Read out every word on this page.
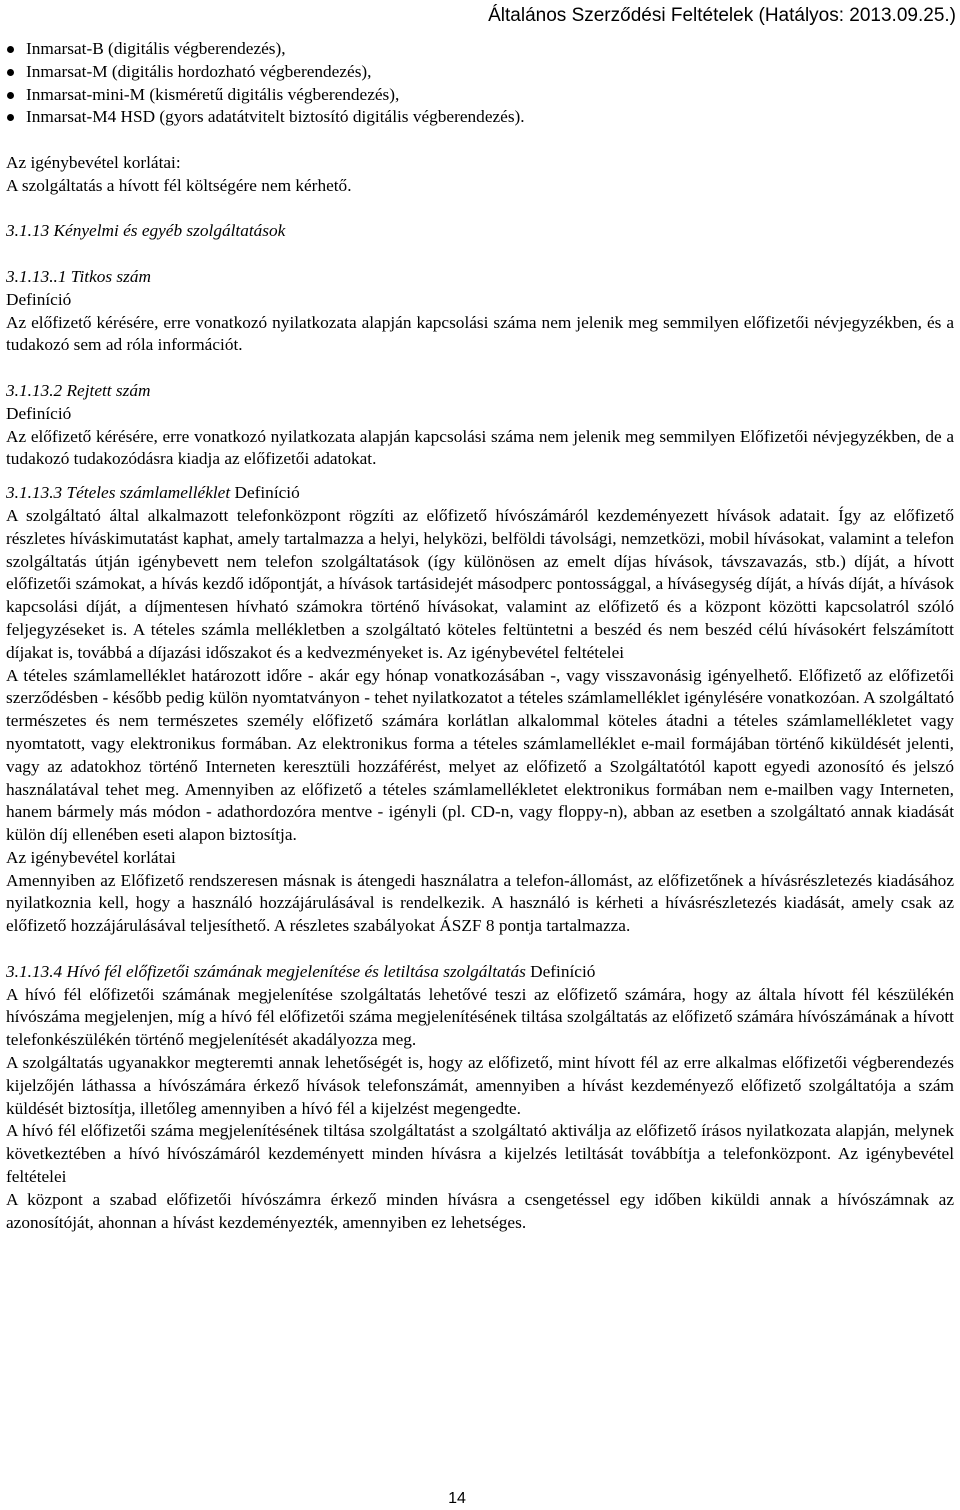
Általános Szerződési Feltételek (Hatályos: 2013.09.25.)
Inmarsat-B (digitális végberendezés),
Inmarsat-M (digitális hordozható végberendezés),
Inmarsat-mini-M (kisméretű digitális végberendezés),
Inmarsat-M4 HSD (gyors adatátvitelt biztosító digitális végberendezés).

Az igénybevétel korlátai:

A szolgáltatás a hívott fél költségére nem kérhető.

3.1.13 Kényelmi és egyéb szolgáltatások

3.1.13..1 Titkos szám

Definíció

Az előfizető kérésére, erre vonatkozó nyilatkozata alapján kapcsolási száma nem jelenik meg semmilyen előfizetői névjegyzékben, és a tudakozó sem ad róla információt.

3.1.13.2 Rejtett szám

Definíció

Az előfizető kérésére, erre vonatkozó nyilatkozata alapján kapcsolási száma nem jelenik meg semmilyen Előfizetői névjegyzékben, de a tudakozó tudakozódásra kiadja az előfizetői adatokat.

3.1.13.3 Tételes számlamelléklet Definíció

A szolgáltató által alkalmazott telefonközpont rögzíti az előfizető hívószámáról kezdeményezett hívások adatait. Így az előfizető részletes híváskimutatást kaphat, amely tartalmazza a helyi, helyközi, belföldi távolsági, nemzetközi, mobil hívásokat, valamint a telefon szolgáltatás útján igénybevett nem telefon szolgáltatások (így különösen az emelt díjas hívások, távszavazás, stb.) díját, a hívott előfizetői számokat, a hívás kezdő időpontját, a hívások tartásidejét másodperc pontossággal, a hívásegység díját, a hívás díját, a hívások kapcsolási díját, a díjmentesen hívható számokra történő hívásokat, valamint az előfizető és a központ közötti kapcsolatról szóló feljegyzéseket is. A tételes számla mellékletben a szolgáltató köteles feltüntetni a beszéd és nem beszéd célú hívásokért felszámított díjakat is, továbbá a díjazási időszakot és a kedvezményeket is. Az igénybevétel feltételei

A tételes számlamelléklet határozott időre - akár egy hónap vonatkozásában -, vagy visszavonásig igényelhető. Előfizető az előfizetői szerződésben - később pedig külön nyomtatványon - tehet nyilatkozatot a tételes számlamelléklet igénylésére vonatkozóan. A szolgáltató természetes és nem természetes személy előfizető számára korlátlan alkalommal köteles átadni a tételes számlamellékletet vagy nyomtatott, vagy elektronikus formában. Az elektronikus forma a tételes számlamelléklet e-mail formájában történő kiküldését jelenti, vagy az adatokhoz történő Interneten keresztüli hozzáférést, melyet az előfizető a Szolgáltatótól kapott egyedi azonosító és jelszó használatával tehet meg. Amennyiben az előfizető a tételes számlamellékletet elektronikus formában nem e-mailben vagy Interneten, hanem bármely más módon - adathordozóra mentve - igényli (pl. CD-n, vagy floppy-n), abban az esetben a szolgáltató annak kiadását külön díj ellenében eseti alapon biztosítja.

Az igénybevétel korlátai

Amennyiben az Előfizető rendszeresen másnak is átengedi használatra a telefon-állomást, az előfizetőnek a hívásrészletezés kiadásához nyilatkoznia kell, hogy a használó hozzájárulásával is rendelkezik. A használó is kérheti a hívásrészletezés kiadását, amely csak az előfizető hozzájárulásával teljesíthető. A részletes szabályokat ÁSZF 8 pontja tartalmazza.

3.1.13.4 Hívó fél előfizetői számának megjelenítése és letiltása szolgáltatás Definíció

A hívó fél előfizetői számának megjelenítése szolgáltatás lehetővé teszi az előfizető számára, hogy az általa hívott fél készülékén hívószáma megjelenjen, míg a hívó fél előfizetői száma megjelenítésének tiltása szolgáltatás az előfizető számára hívószámának a hívott telefonkészülékén történő megjelenítését akadályozza meg.

A szolgáltatás ugyanakkor megteremti annak lehetőségét is, hogy az előfizető, mint hívott fél az erre alkalmas előfizetői végberendezés kijelzőjén láthassa a hívószámára érkező hívások telefonszámát, amennyiben a hívást kezdeményező előfizető szolgáltatója a szám küldését biztosítja, illetőleg amennyiben a hívó fél a kijelzést megengedte.

A hívó fél előfizetői száma megjelenítésének tiltása szolgáltatást a szolgáltató aktiválja az előfizető írásos nyilatkozata alapján, melynek következtében a hívó hívószámáról kezdeményett minden hívásra a kijelzés letiltását továbbítja a telefonközpont. Az igénybevétel feltételei

A központ a szabad előfizetői hívószámra érkező minden hívásra a csengetéssel egy időben kiküldi annak a hívószámnak az azonosítóját, ahonnan a hívást kezdeményezték, amennyiben ez lehetséges.

14
